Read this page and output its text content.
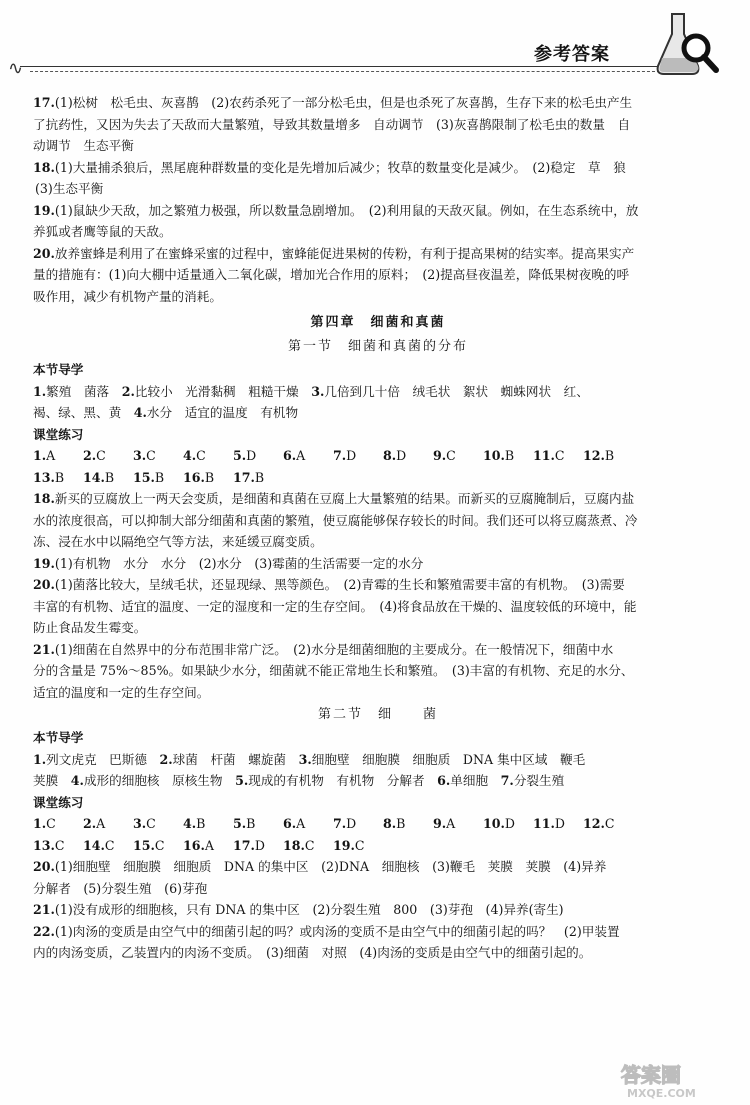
∿
参考答案

17.(1)松树　松毛虫、灰喜鹊　(2)农药杀死了一部分松毛虫，但是也杀死了灰喜鹊，生存下来的松毛虫产生

了抗药性，又因为失去了天敌而大量繁殖，导致其数量增多　自动调节　(3)灰喜鹊限制了松毛虫的数量　自

动调节　生态平衡

18.(1)大量捕杀狼后，黑尾鹿种群数量的变化是先增加后减少；牧草的数量变化是减少。　(2)稳定　草　狼

(3)生态平衡

19.(1)鼠缺少天敌，加之繁殖力极强，所以数量急剧增加。　(2)利用鼠的天敌灭鼠。例如，在生态系统中，放

养狐或者鹰等鼠的天敌。

20.放养蜜蜂是利用了在蜜蜂采蜜的过程中，蜜蜂能促进果树的传粉，有利于提高果树的结实率。提高果实产

量的措施有：(1)向大棚中适量通入二氧化碳，增加光合作用的原料；　(2)提高昼夜温差，降低果树夜晚的呼

吸作用，减少有机物产量的消耗。

第四章　细菌和真菌

第一节　细菌和真菌的分布

本节导学

1.繁殖　菌落　2.比较小　光滑黏稠　粗糙干燥　3.几倍到几十倍　绒毛状　絮状　蜘蛛网状　红、

褐、绿、黑、黄　4.水分　适宜的温度　有机物

课堂练习

1.A	2.C	3.C	4.C	5.D	6.A	7.D	8.D	9.C	10.B	11.C	12.B
13.B	14.B	15.B	16.B	17.B

18.新买的豆腐放上一两天会变质，是细菌和真菌在豆腐上大量繁殖的结果。而新买的豆腐腌制后，豆腐内盐

水的浓度很高，可以抑制大部分细菌和真菌的繁殖，使豆腐能够保存较长的时间。我们还可以将豆腐蒸煮、冷

冻、浸在水中以隔绝空气等方法，来延缓豆腐变质。

19.(1)有机物　水分　水分　(2)水分　(3)霉菌的生活需要一定的水分

20.(1)菌落比较大，呈绒毛状，还显现绿、黑等颜色。　(2)青霉的生长和繁殖需要丰富的有机物。　(3)需要

丰富的有机物、适宜的温度、一定的湿度和一定的生存空间。　(4)将食品放在干燥的、温度较低的环境中，能

防止食品发生霉变。

21.(1)细菌在自然界中的分布范围非常广泛。　(2)水分是细菌细胞的主要成分。在一般情况下，细菌中水

分的含量是 75%～85%。如果缺少水分，细菌就不能正常地生长和繁殖。　(3)丰富的有机物、充足的水分、

适宜的温度和一定的生存空间。

第二节　细　　菌

本节导学

1.列文虎克　巴斯德　2.球菌　杆菌　螺旋菌　3.细胞壁　细胞膜　细胞质　DNA 集中区域　鞭毛

荚膜　4.成形的细胞核　原核生物　5.现成的有机物　有机物　分解者　6.单细胞　7.分裂生殖

课堂练习

1.C	2.A	3.C	4.B	5.B	6.A	7.D	8.B	9.A	10.D	11.D	12.C
13.C	14.C	15.C	16.A	17.D	18.C	19.C

20.(1)细胞壁　细胞膜　细胞质　DNA 的集中区　(2)DNA　细胞核　(3)鞭毛　荚膜　荚膜　(4)异养

分解者　(5)分裂生殖　(6)芽孢

21.(1)没有成形的细胞核，只有 DNA 的集中区　(2)分裂生殖　800　(3)芽孢　(4)异养(寄生)

22.(1)肉汤的变质是由空气中的细菌引起的吗？或肉汤的变质不是由空气中的细菌引起的吗？　(2)甲装置

内的肉汤变质，乙装置内的肉汤不变质。　(3)细菌　对照　(4)肉汤的变质是由空气中的细菌引起的。

答案圈
MXQE.COM
